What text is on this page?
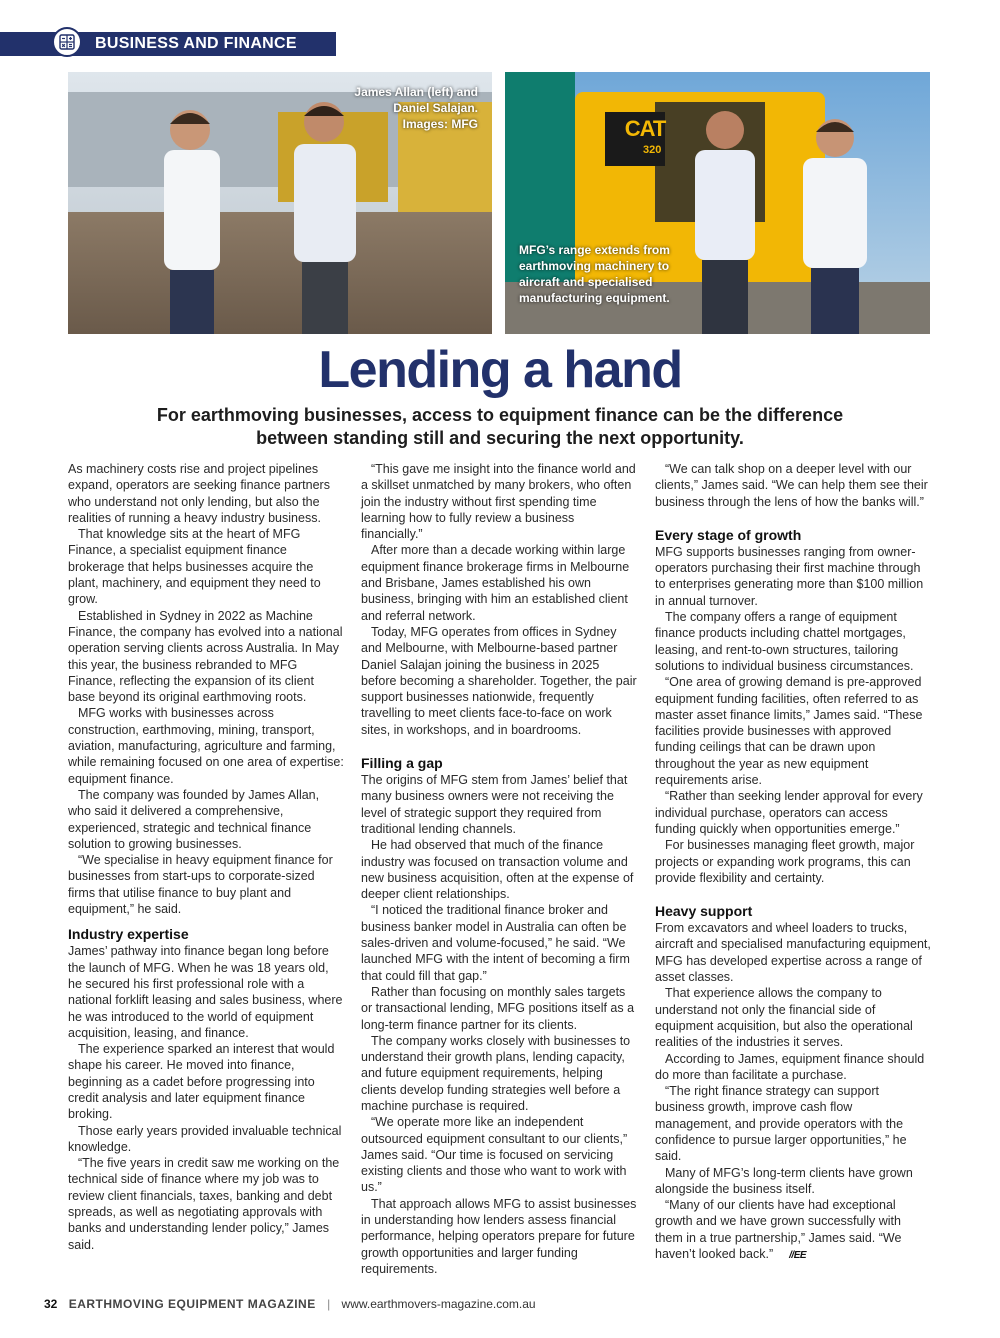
BUSINESS AND FINANCE
James Allan (left) and Daniel Salajan. Images: MFG	CAT
320
MFG’s range extends from earthmoving machinery to aircraft and specialised manufacturing equipment.
Lending a hand
For earthmoving businesses, access to equipment finance can be the difference between standing still and securing the next opportunity.

As machinery costs rise and project pipelines expand, operators are seeking finance partners who understand not only lending, but also the realities of running a heavy industry business.

That knowledge sits at the heart of MFG Finance, a specialist equipment finance brokerage that helps businesses acquire the plant, machinery, and equipment they need to grow.

Established in Sydney in 2022 as Machine Finance, the company has evolved into a national operation serving clients across Australia. In May this year, the business rebranded to MFG Finance, reflecting the expansion of its client base beyond its original earthmoving roots.

MFG works with businesses across construction, earthmoving, mining, transport, aviation, manufacturing, agriculture and farming, while remaining focused on one area of expertise: equipment finance.

The company was founded by James Allan, who said it delivered a comprehensive, experienced, strategic and technical finance solution to growing businesses.

“We specialise in heavy equipment finance for businesses from start-ups to corporate-sized firms that utilise finance to buy plant and equipment,” he said.

Industry expertise

James’ pathway into finance began long before the launch of MFG. When he was 18 years old, he secured his first professional role with a national forklift leasing and sales business, where he was introduced to the world of equipment acquisition, leasing, and finance.

The experience sparked an interest that would shape his career. He moved into finance, beginning as a cadet before progressing into credit analysis and later equipment finance broking.

Those early years provided invaluable technical knowledge.

“The five years in credit saw me working on the technical side of finance where my job was to review client financials, taxes, banking and debt spreads, as well as negotiating approvals with banks and understanding lender policy,” James said.

“This gave me insight into the finance world and a skillset unmatched by many brokers, who often join the industry without first spending time learning how to fully review a business financially.”

After more than a decade working within large equipment finance brokerage firms in Melbourne and Brisbane, James established his own business, bringing with him an established client and referral network.

Today, MFG operates from offices in Sydney and Melbourne, with Melbourne-based partner Daniel Salajan joining the business in 2025 before becoming a shareholder. Together, the pair support businesses nationwide, frequently travelling to meet clients face-to-face on work sites, in workshops, and in boardrooms.

Filling a gap

The origins of MFG stem from James’ belief that many business owners were not receiving the level of strategic support they required from traditional lending channels.

He had observed that much of the finance industry was focused on transaction volume and new business acquisition, often at the expense of deeper client relationships.

“I noticed the traditional finance broker and business banker model in Australia can often be sales-driven and volume-focused,” he said. “We launched MFG with the intent of becoming a firm that could fill that gap.”

Rather than focusing on monthly sales targets or transactional lending, MFG positions itself as a long-term finance partner for its clients.

The company works closely with businesses to understand their growth plans, lending capacity, and future equipment requirements, helping clients develop funding strategies well before a machine purchase is required.

“We operate more like an independent outsourced equipment consultant to our clients,” James said. “Our time is focused on servicing existing clients and those who want to work with us.”

That approach allows MFG to assist businesses in understanding how lenders assess financial performance, helping operators prepare for future growth opportunities and larger funding requirements.

“We can talk shop on a deeper level with our clients,” James said. “We can help them see their business through the lens of how the banks will.”

Every stage of growth

MFG supports businesses ranging from owner-operators purchasing their first machine through to enterprises generating more than $100 million in annual turnover.

The company offers a range of equipment finance products including chattel mortgages, leasing, and rent-to-own structures, tailoring solutions to individual business circumstances.

“One area of growing demand is pre-approved equipment funding facilities, often referred to as master asset finance limits,” James said. “These facilities provide businesses with approved funding ceilings that can be drawn upon throughout the year as new equipment requirements arise.

“Rather than seeking lender approval for every individual purchase, operators can access funding quickly when opportunities emerge.”

For businesses managing fleet growth, major projects or expanding work programs, this can provide flexibility and certainty.

Heavy support

From excavators and wheel loaders to trucks, aircraft and specialised manufacturing equipment, MFG has developed expertise across a range of asset classes.

That experience allows the company to understand not only the financial side of equipment acquisition, but also the operational realities of the industries it serves.

According to James, equipment finance should do more than facilitate a purchase.

“The right finance strategy can support business growth, improve cash flow management, and provide operators with the confidence to pursue larger opportunities,” he said.

Many of MFG’s long-term clients have grown alongside the business itself.

“Many of our clients have had exceptional growth and we have grown successfully with them in a true partnership,” James said. “We haven’t looked back.” //EE

32 EARTHMOVING EQUIPMENT MAGAZINE | www.earthmovers-magazine.com.au
